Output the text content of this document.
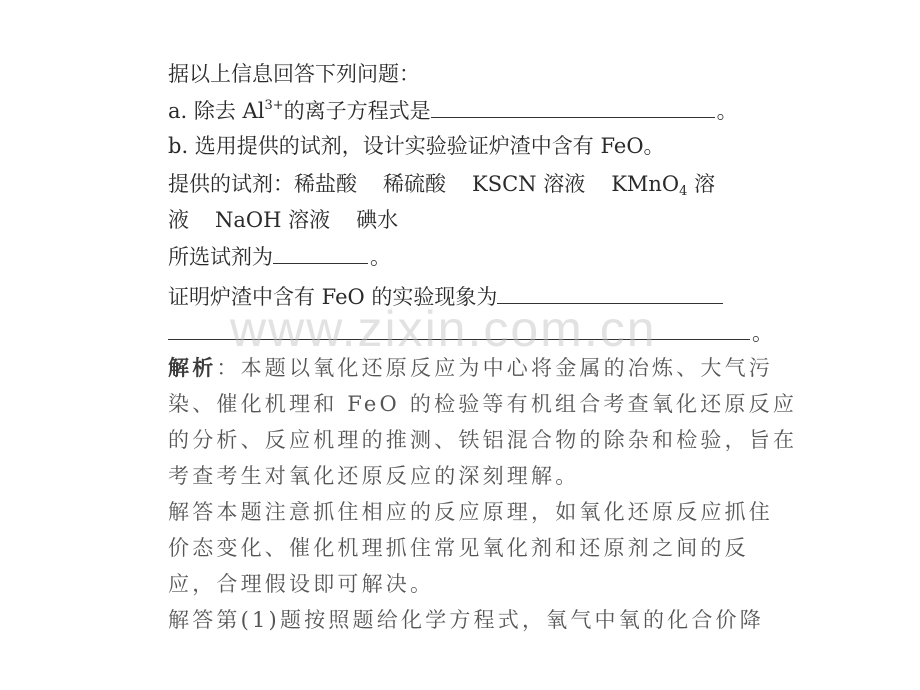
据以上信息回答下列问题：
a. 除去 $Al^{3+}$的离子方程式是	。
b. 选用提供的试剂，设计实验验证炉渣中含有 FeO。
提供的试剂：稀盐酸 稀硫酸 KSCN 溶液 KMnO$_4$ 溶
液 NaOH 溶液 碘水
所选试剂为	。
证明炉渣中含有 FeO 的实验现象为
。
www.zixin.com.cn
解析：本题以氧化还原反应为中心将金属的冶炼、大气污
染、催化机理和 FeO 的检验等有机组合考查氧化还原反应
的分析、反应机理的推测、铁铝混合物的除杂和检验，旨在
考查考生对氧化还原反应的深刻理解。
解答本题注意抓住相应的反应原理，如氧化还原反应抓住
价态变化、催化机理抓住常见氧化剂和还原剂之间的反
应，合理假设即可解决。
解答第(1)题按照题给化学方程式，氧气中氧的化合价降
